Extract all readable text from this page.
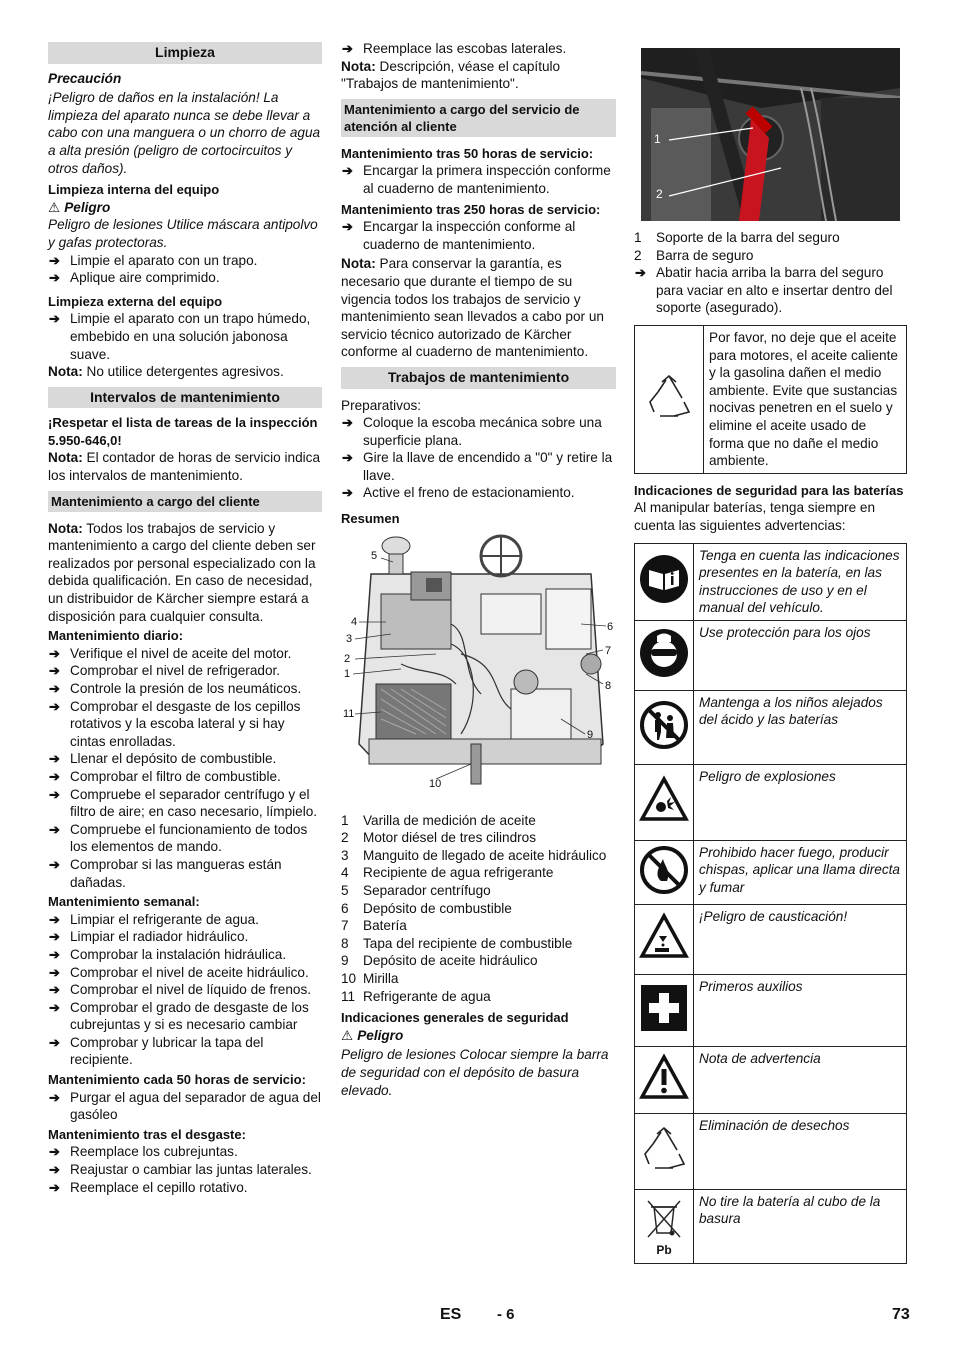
Limpieza

Precaución

¡Peligro de daños en la instalación! La limpieza del aparato nunca se debe llevar a cabo con una manguera o un chorro de agua a alta presión (peligro de cortocircuitos y otros daños).

Limpieza interna del equipo

⚠ Peligro

Peligro de lesiones Utilice máscara antipolvo y gafas protectoras.

➔ Limpie el aparato con un trapo.

➔ Aplique aire comprimido.

Limpieza externa del equipo

➔ Limpie el aparato con un trapo húmedo, embebido en una solución jabonosa suave.

Nota: No utilice detergentes agresivos.

Intervalos de mantenimiento

¡Respetar el lista de tareas de la inspección 5.950-646,0!

Nota: El contador de horas de servicio indica los intervalos de mantenimiento.

Mantenimiento a cargo del cliente

Nota: Todos los trabajos de servicio y mantenimiento a cargo del cliente deben ser realizados por personal especializado con la debida qualificación. En caso de necesidad, un distribuidor de Kärcher siempre estará a disposición para cualquier consulta.

Mantenimiento diario:

➔ Verifique el nivel de aceite del motor.

➔ Comprobar el nivel de refrigerador.

➔ Controle la presión de los neumáticos.

➔ Comprobar el desgaste de los cepillos rotativos y la escoba lateral y si hay cintas enrolladas.

➔ Llenar el depósito de combustible.

➔ Comprobar el filtro de combustible.

➔ Compruebe el separador centrífugo y el filtro de aire; en caso necesario, límpielo.

➔ Compruebe el funcionamiento de todos los elementos de mando.

➔ Comprobar si las mangueras están dañadas.

Mantenimiento semanal:

➔ Limpiar el refrigerante de agua.

➔ Limpiar el radiador hidráulico.

➔ Comprobar la instalación hidráulica.

➔ Comprobar el nivel de aceite hidráulico.

➔ Comprobar el nivel de líquido de frenos.

➔ Comprobar el grado de desgaste de los cubrejuntas y si es necesario cambiar

➔ Comprobar y lubricar la tapa del recipiente.

Mantenimiento cada 50 horas de servicio:

➔ Purgar el agua del separador de agua del gasóleo

Mantenimiento tras el desgaste:

➔ Reemplace los cubrejuntas.

➔ Reajustar o cambiar las juntas laterales.

➔ Reemplace el cepillo rotativo.

➔ Reemplace las escobas laterales.

Nota: Descripción, véase el capítulo "Trabajos de mantenimiento".

Mantenimiento a cargo del servicio de atención al cliente

Mantenimiento tras 50 horas de servicio:

➔ Encargar la primera inspección conforme al cuaderno de mantenimiento.

Mantenimiento tras 250 horas de servicio:

➔ Encargar la inspección conforme al cuaderno de mantenimiento.

Nota: Para conservar la garantía, es necesario que durante el tiempo de su vigencia todos los trabajos de servicio y mantenimiento sean llevados a cabo por un servicio técnico autorizado de Kärcher conforme al cuaderno de mantenimiento.

Trabajos de mantenimiento

Preparativos:

➔ Coloque la escoba mecánica sobre una superficie plana.

➔ Gire la llave de encendido a "0" y retire la llave.

➔ Active el freno de estacionamiento.

Resumen

5
4
3
2
1
11
10
6
7
8
9

1 Varilla de medición de aceite

2 Motor diésel de tres cilindros

3 Manguito de llegado de aceite hidráulico

4 Recipiente de agua refrigerante

5 Separador centrífugo

6 Depósito de combustible

7 Batería

8 Tapa del recipiente de combustible

9 Depósito de aceite hidráulico

10 Mirilla

11 Refrigerante de agua

Indicaciones generales de seguridad

⚠ Peligro

Peligro de lesiones Colocar siempre la barra de seguridad con el depósito de basura elevado.

1
2

1 Soporte de la barra del seguro

2 Barra de seguro

➔ Abatir hacia arriba la barra del seguro para vaciar en alto e insertar dentro del soporte (asegurado).

	Por favor, no deje que el aceite para motores, el aceite caliente y la gasolina dañen el medio ambiente. Evite que sustancias nocivas penetren en el suelo y elimine el aceite usado de forma que no dañe el medio ambiente.

Indicaciones de seguridad para las baterías

Al manipular baterías, tenga siempre en cuenta las siguientes advertencias:

	Tenga en cuenta las indicaciones presentes en la batería, en las instrucciones de uso y en el manual del vehículo.
	Use protección para los ojos
	Mantenga a los niños alejados del ácido y las baterías
	Peligro de explosiones
	Prohibido hacer fuego, producir chispas, aplicar una llama directa y fumar
	¡Peligro de causticación!
	Primeros auxilios
	Nota de advertencia
	Eliminación de desechos

Pb	No tire la batería al cubo de la basura
ES - 6	73
